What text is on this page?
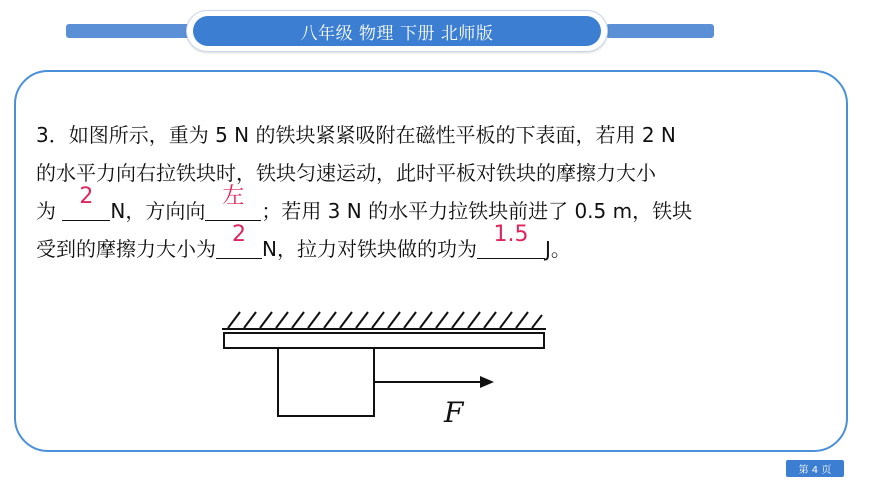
八年级 物理 下册 北师版
3．如图所示，重为 5 N 的铁块紧紧吸附在磁性平板的下表面，若用 2 N
的水平力向右拉铁块时，铁块匀速运动，此时平板对铁块的摩擦力大小
为
2
N，方向向
左
；若用 3 N 的水平力拉铁块前进了 0.5 m，铁块
受到的摩擦力大小为
2
N，拉力对铁块做的功为
1.5
J。
F
第 4 页
